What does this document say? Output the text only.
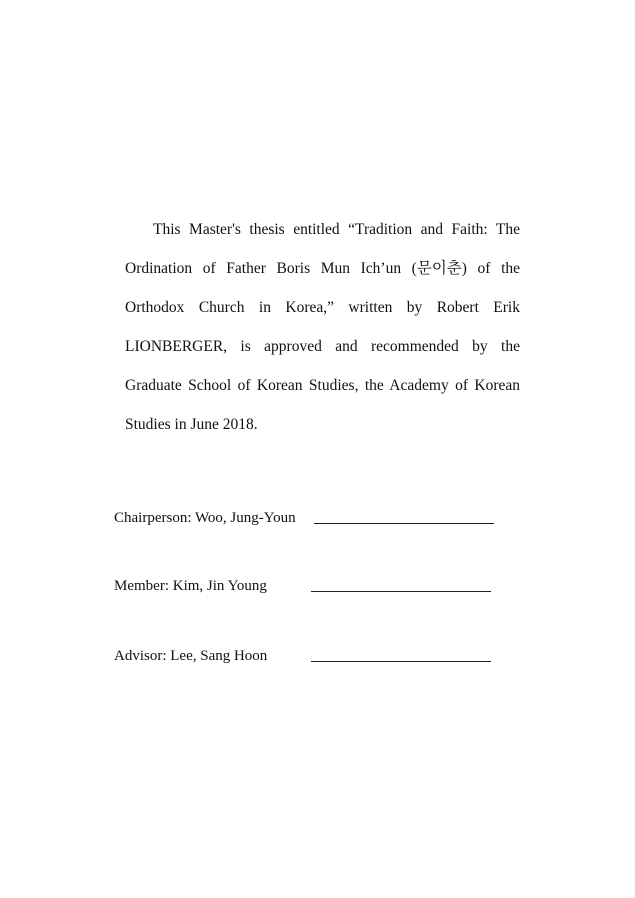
This Master's thesis entitled “Tradition and Faith: The
Ordination of Father Boris Mun Ich’un (문이춘) of the
Orthodox Church in Korea,” written by Robert Erik
LIONBERGER, is approved and recommended by the
Graduate School of Korean Studies, the Academy of Korean
Studies in June 2018.
Chairperson: Woo, Jung-Youn
Member: Kim, Jin Young
Advisor: Lee, Sang Hoon
